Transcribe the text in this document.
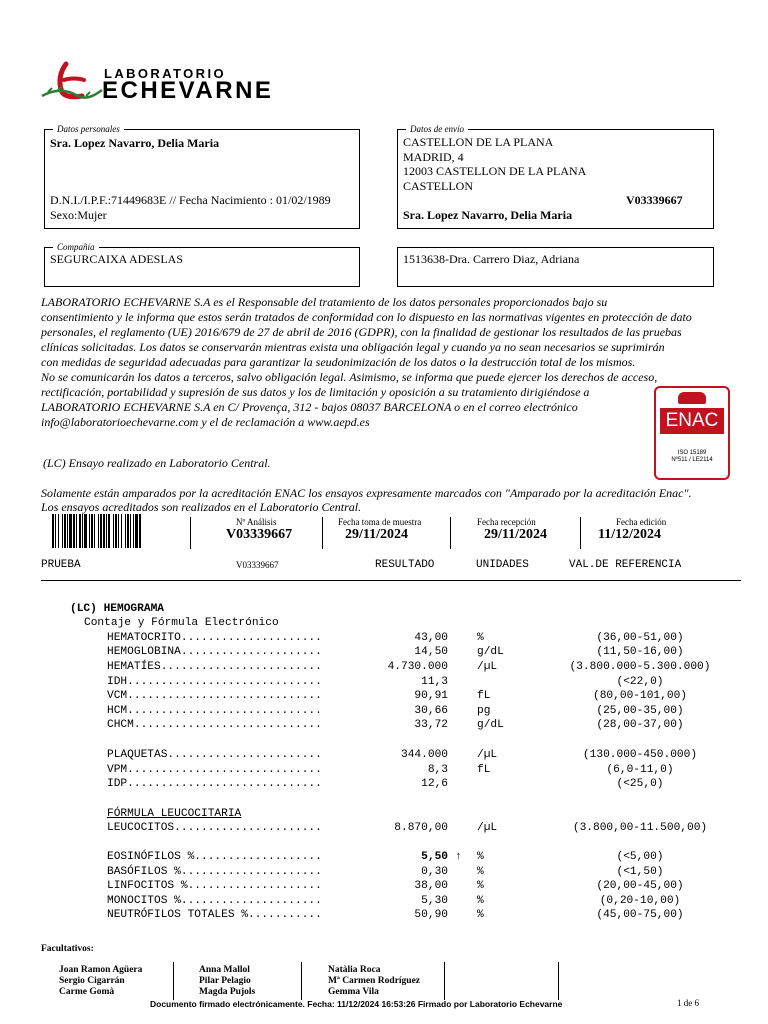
LABORATORIO
ECHEVARNE
Datos personales
Sra. Lopez Navarro, Delia Maria
D.N.I./I.P.F.:71449683E // Fecha Nacimiento : 01/02/1989
Sexo:Mujer
Datos de envío
CASTELLON DE LA PLANA
MADRID, 4
12003 CASTELLON DE LA PLANA
CASTELLON
V03339667
Sra. Lopez Navarro, Delia Maria
Compañía
SEGURCAIXA ADESLAS	1513638-Dra. Carrero Diaz, Adriana
LABORATORIO ECHEVARNE S.A es el Responsable del tratamiento de los datos personales proporcionados bajo su
consentimiento y le informa que estos serán tratados de conformidad con lo dispuesto en las normativas vigentes en protección de dato
personales, el reglamento (UE) 2016/679 de 27 de abril de 2016 (GDPR), con la finalidad de gestionar los resultados de las pruebas
clínicas solicitadas. Los datos se conservarán mientras exista una obligación legal y cuando ya no sean necesarios se suprimirán
con medidas de seguridad adecuadas para garantizar la seudonimización de los datos o la destrucción total de los mismos.
No se comunicarán los datos a terceros, salvo obligación legal. Asimismo, se informa que puede ejercer los derechos de acceso,
rectificación, portabilidad y supresión de sus datos y los de limitación y oposición a su tratamiento dirigiéndose a
LABORATORIO ECHEVARNE S.A en C/ Provença, 312 - bajos 08037 BARCELONA o en el correo electrónico
info@laboratorioechevarne.com y el de reclamación a www.aepd.es	ENAC
ISO 15189
Nº511 / LE2114
(LC) Ensayo realizado en Laboratorio Central.
Solamente están amparados por la acreditación ENAC los ensayos expresamente marcados con "Amparado por la acreditación Enac".
Los ensayos acreditados son realizados en el Laboratorio Central.
Nº Análisis
V03339667
Fecha toma de muestra
29/11/2024
Fecha recepción
29/11/2024
Fecha edición
11/12/2024
PRUEBA	V03339667	RESULTADO	UNIDADES	VAL.DE REFERENCIA
(LC) HEMOGRAMA
Contaje y Fórmula Electrónico
HEMATOCRITO.....................	43,00	%	(36,00-51,00)
HEMOGLOBINA.....................	14,50	g/dL	(11,50-16,00)
HEMATÍES........................	4.730.000	/µL	(3.800.000-5.300.000)
IDH.............................	11,3	(<22,0)
VCM.............................	90,91	fL	(80,00-101,00)
HCM.............................	30,66	pg	(25,00-35,00)
CHCM............................	33,72	g/dL	(28,00-37,00)
PLAQUETAS.......................	344.000	/µL	(130.000-450.000)
VPM.............................	8,3	fL	(6,0-11,0)
IDP.............................	12,6	(<25,0)
LEUCOCITOS......................	8.870,00	/µL	(3.800,00-11.500,00)
EOSINÓFILOS %...................	5,50 ↑ %	(<5,00)
BASÓFILOS %.....................	0,30	%	(<1,50)
LINFOCITOS %....................	38,00	%	(20,00-45,00)
MONOCITOS %.....................	5,30	%	(0,20-10,00)
NEUTRÓFILOS TOTALES %...........	50,90	%	(45,00-75,00)
FÓRMULA LEUCOCITARIA
Facultativos:
Joan Ramon Agüera
Sergio Cigarrán
Carme Gomà
Anna Mallol
Pilar Pelagio
Magda Pujols
Natàlia Roca
Mª Carmen Rodríguez
Gemma Vila
Documento firmado electrónicamente. Fecha: 11/12/2024 16:53:26 Firmado por Laboratorio Echevarne	1 de 6
